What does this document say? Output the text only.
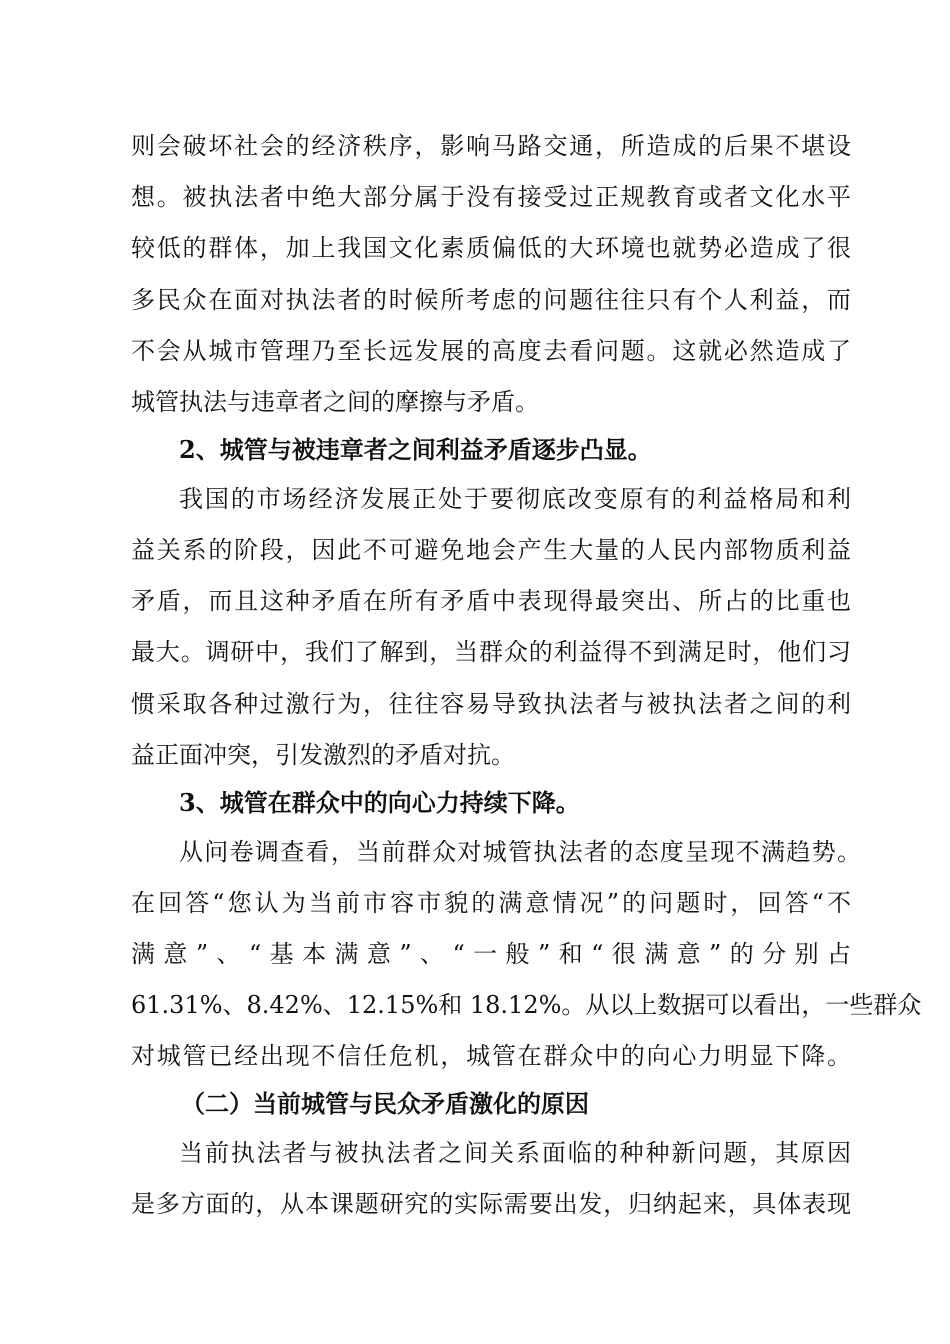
则会破坏社会的经济秩序，影响马路交通，所造成的后果不堪设
想。被执法者中绝大部分属于没有接受过正规教育或者文化水平
较低的群体，加上我国文化素质偏低的大环境也就势必造成了很
多民众在面对执法者的时候所考虑的问题往往只有个人利益，而
不会从城市管理乃至长远发展的高度去看问题。这就必然造成了
城管执法与违章者之间的摩擦与矛盾。
2、城管与被违章者之间利益矛盾逐步凸显。
我国的市场经济发展正处于要彻底改变原有的利益格局和利
益关系的阶段，因此不可避免地会产生大量的人民内部物质利益
矛盾，而且这种矛盾在所有矛盾中表现得最突出、所占的比重也
最大。调研中，我们了解到，当群众的利益得不到满足时，他们习
惯采取各种过激行为，往往容易导致执法者与被执法者之间的利
益正面冲突，引发激烈的矛盾对抗。
3、城管在群众中的向心力持续下降。
从问卷调查看，当前群众对城管执法者的态度呈现不满趋势。
在回答“您认为当前市容市貌的满意情况”的问题时，回答“不
满意”、“基本满意”、“一般”和“很满意”的分别占
61.31%、8.42%、12.15%和 18.12%。从以上数据可以看出，一些群众
对城管已经出现不信任危机，城管在群众中的向心力明显下降。
（二）当前城管与民众矛盾激化的原因
当前执法者与被执法者之间关系面临的种种新问题，其原因
是多方面的，从本课题研究的实际需要出发，归纳起来，具体表现
